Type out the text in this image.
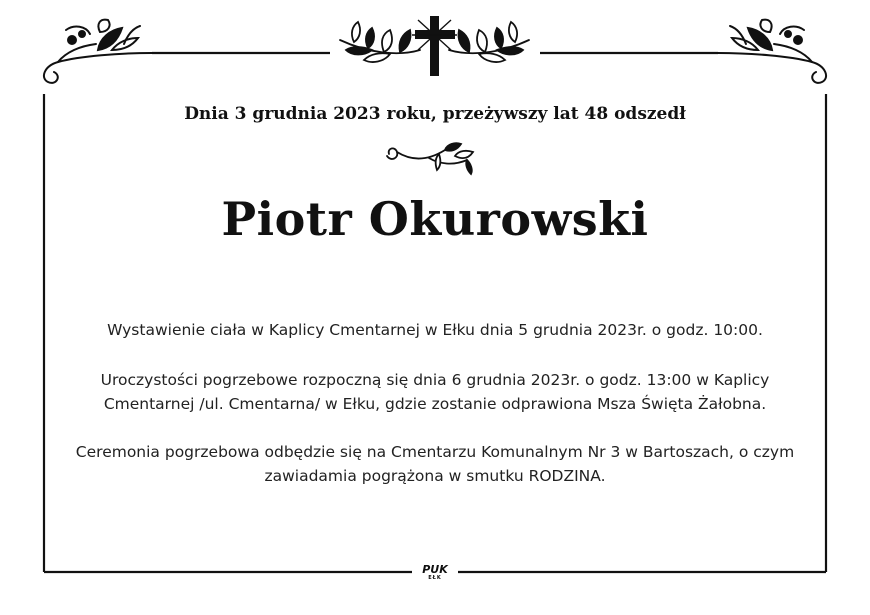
Dnia 3 grudnia 2023 roku, przeżywszy lat 48 odszedł
Piotr Okurowski
Wystawienie ciała w Kaplicy Cmentarnej w Ełku dnia 5 grudnia 2023r. o godz. 10:00.
Uroczystości pogrzebowe rozpoczną się dnia 6 grudnia 2023r. o godz. 13:00 w Kaplicy Cmentarnej /ul. Cmentarna/ w Ełku, gdzie zostanie odprawiona Msza Święta Żałobna.
Ceremonia pogrzebowa odbędzie się na Cmentarzu Komunalnym Nr 3 w Bartoszach, o czym zawiadamia pogrążona w smutku RODZINA.
PUK
EŁK
